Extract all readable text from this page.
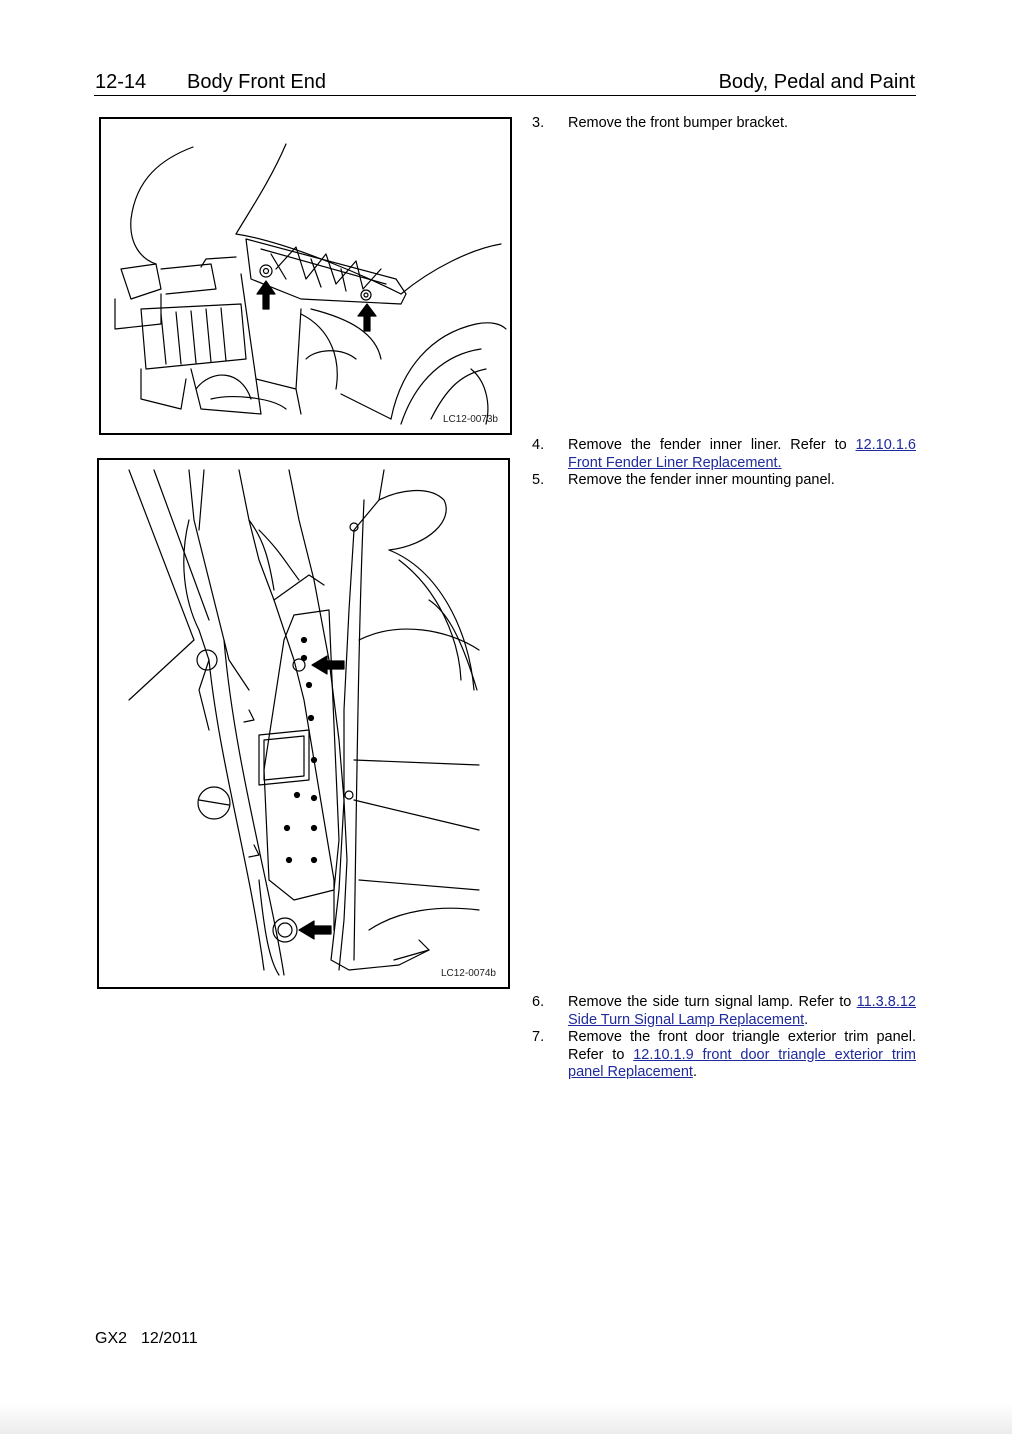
12-14 Body Front End	Body, Pedal and Paint
LC12-0073b
LC12-0074b
3. Remove the front bumper bracket.
4. Remove the fender inner liner. Refer to 12.10.1.6 Front Fender Liner Replacement.
5. Remove the fender inner mounting panel.
6. Remove the side turn signal lamp. Refer to 11.3.8.12 Side Turn Signal Lamp Replacement.
7. Remove the front door triangle exterior trim panel. Refer to 12.10.1.9 front door triangle exterior trim panel Replacement.
GX2 12/2011
